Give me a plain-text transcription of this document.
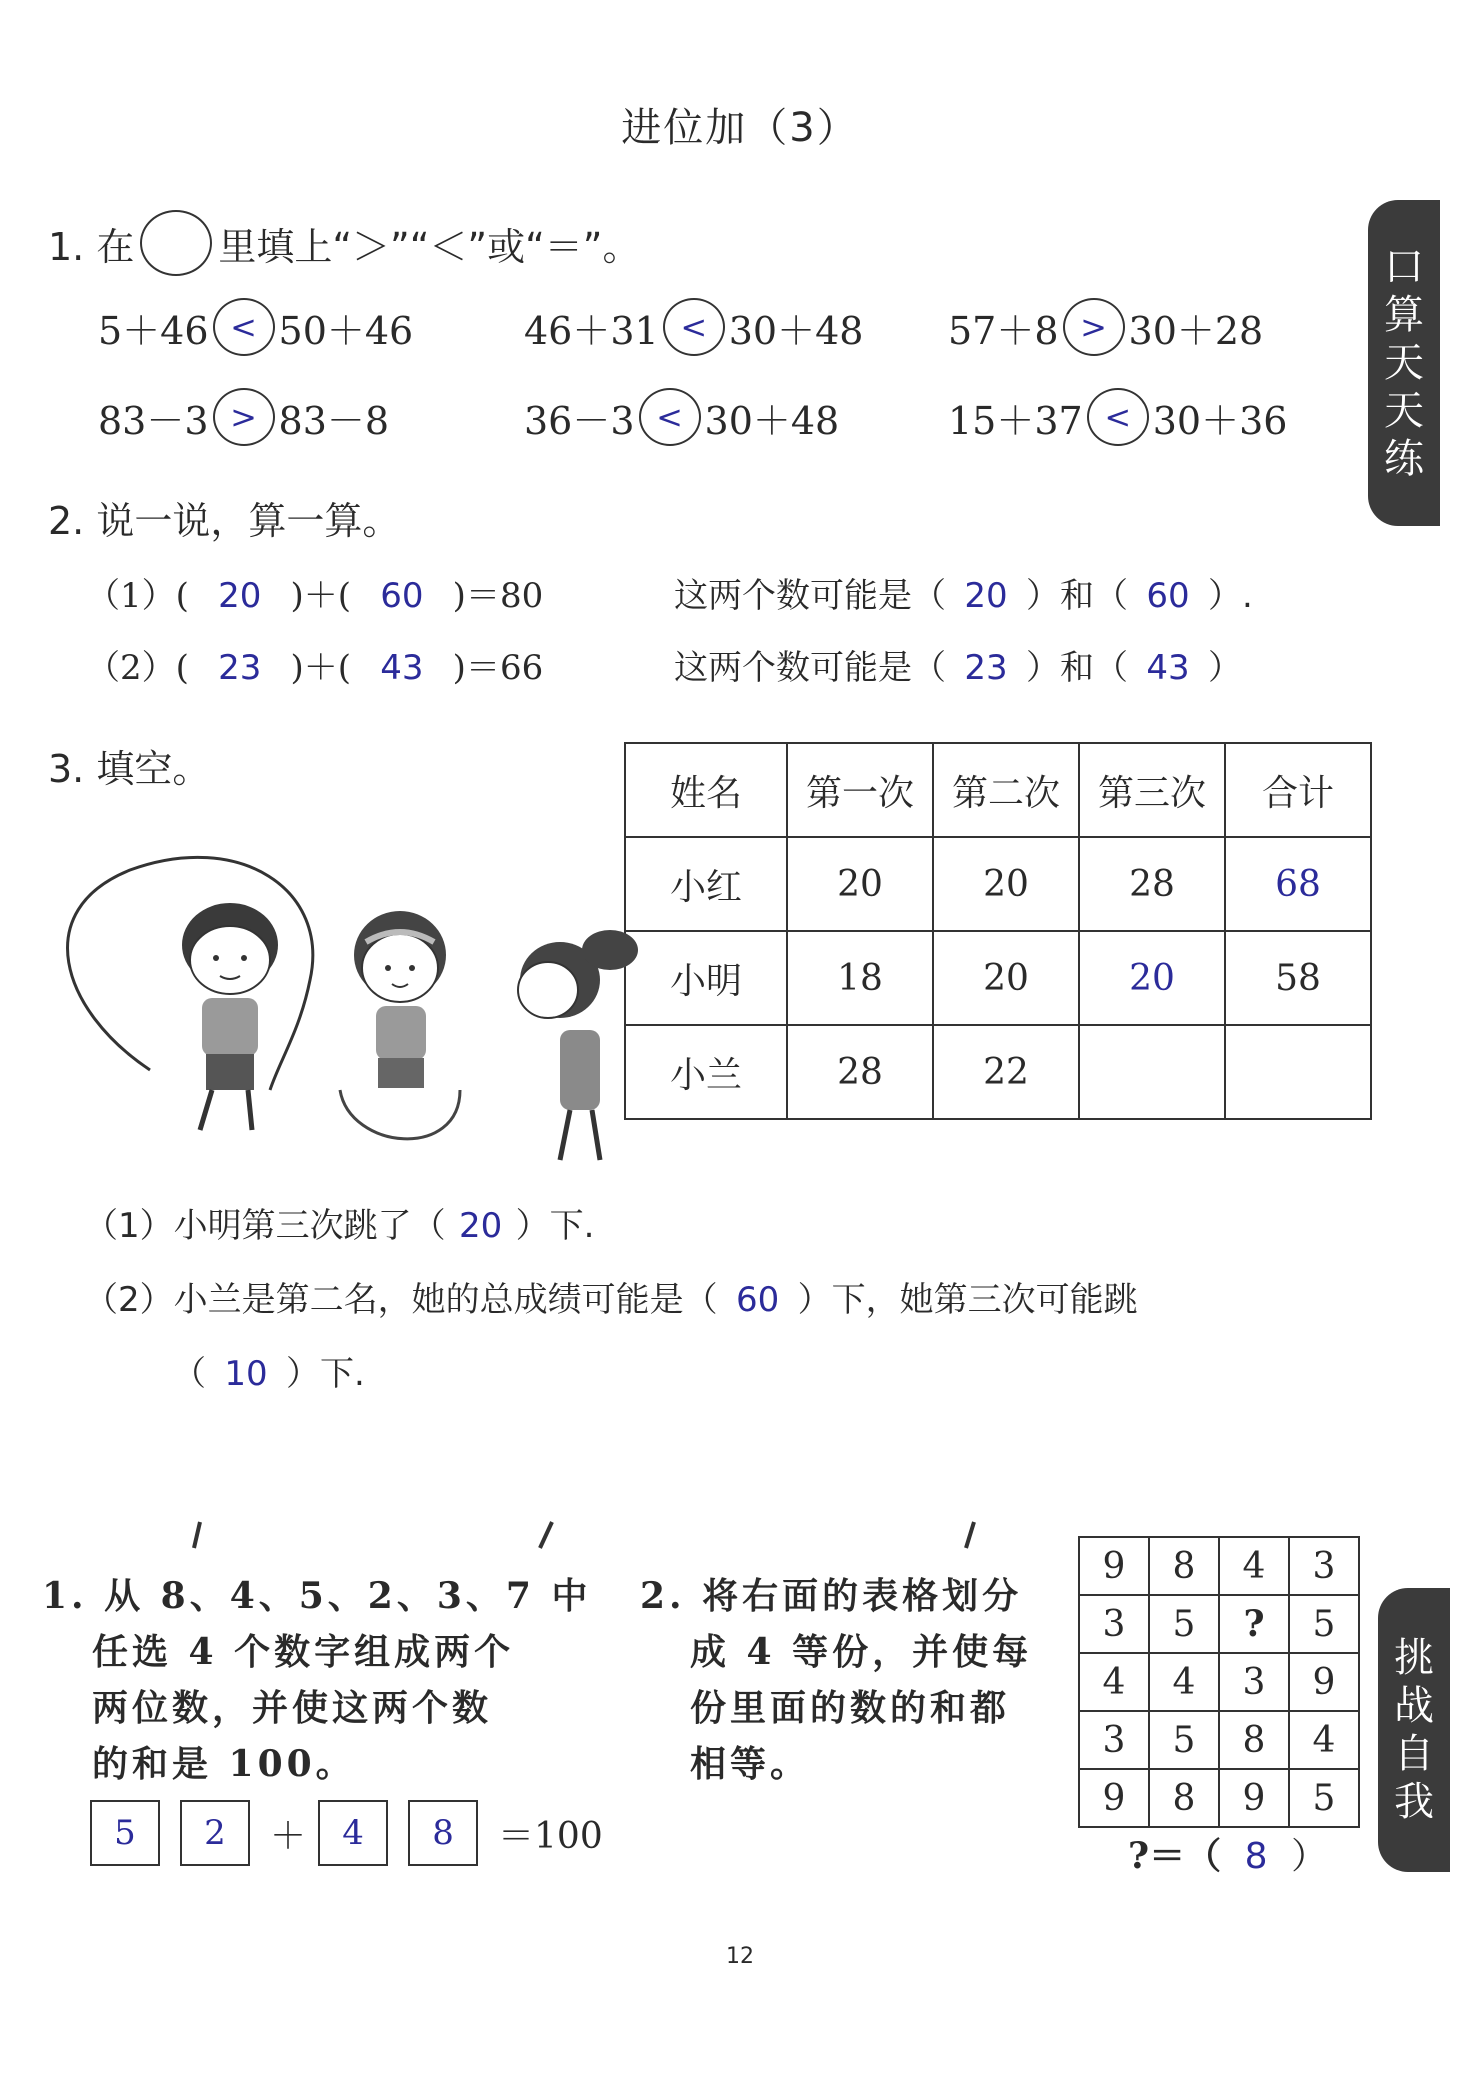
进位加（3）
口
算
天
天
练
挑
战
自
我
1. 在 里填上“＞”“＜”或“＝”。
5＋46 < 50＋46	46＋31 < 30＋48 57＋8 > 30＋28
83－3 > 83－8	36－3 < 30＋48	15＋37 < 30＋36
2. 说一说，算一算。
（1）( 20 )＋( 60 )＝80	这两个数可能是（ 20 ）和（ 60 ）.
（2）( 23 )＋( 43 )＝66	这两个数可能是（ 23 ）和（ 43 ）
3. 填空。
姓名	第一次	第二次	第三次	合计
小红	20	20	28	68
小明	18	20	20	58
小兰	28	22		
（1）小明第三次跳了（ 20 ）下.
（2）小兰是第二名，她的总成绩可能是（ 60 ）下，她第三次可能跳
（ 10 ）下.
1. 从 8、4、5、2、3、7 中
任选 4 个数字组成两个
两位数，并使这两个数
的和是 100。
5	2	＋	4	8	＝100
2. 将右面的表格划分
成 4 等份，并使每
份里面的数的和都
相等。
9	8	4	3
3	5	?	5
4	4	3	9
3	5	8	4
9	8	9	5
?＝（ 8 ）
12
